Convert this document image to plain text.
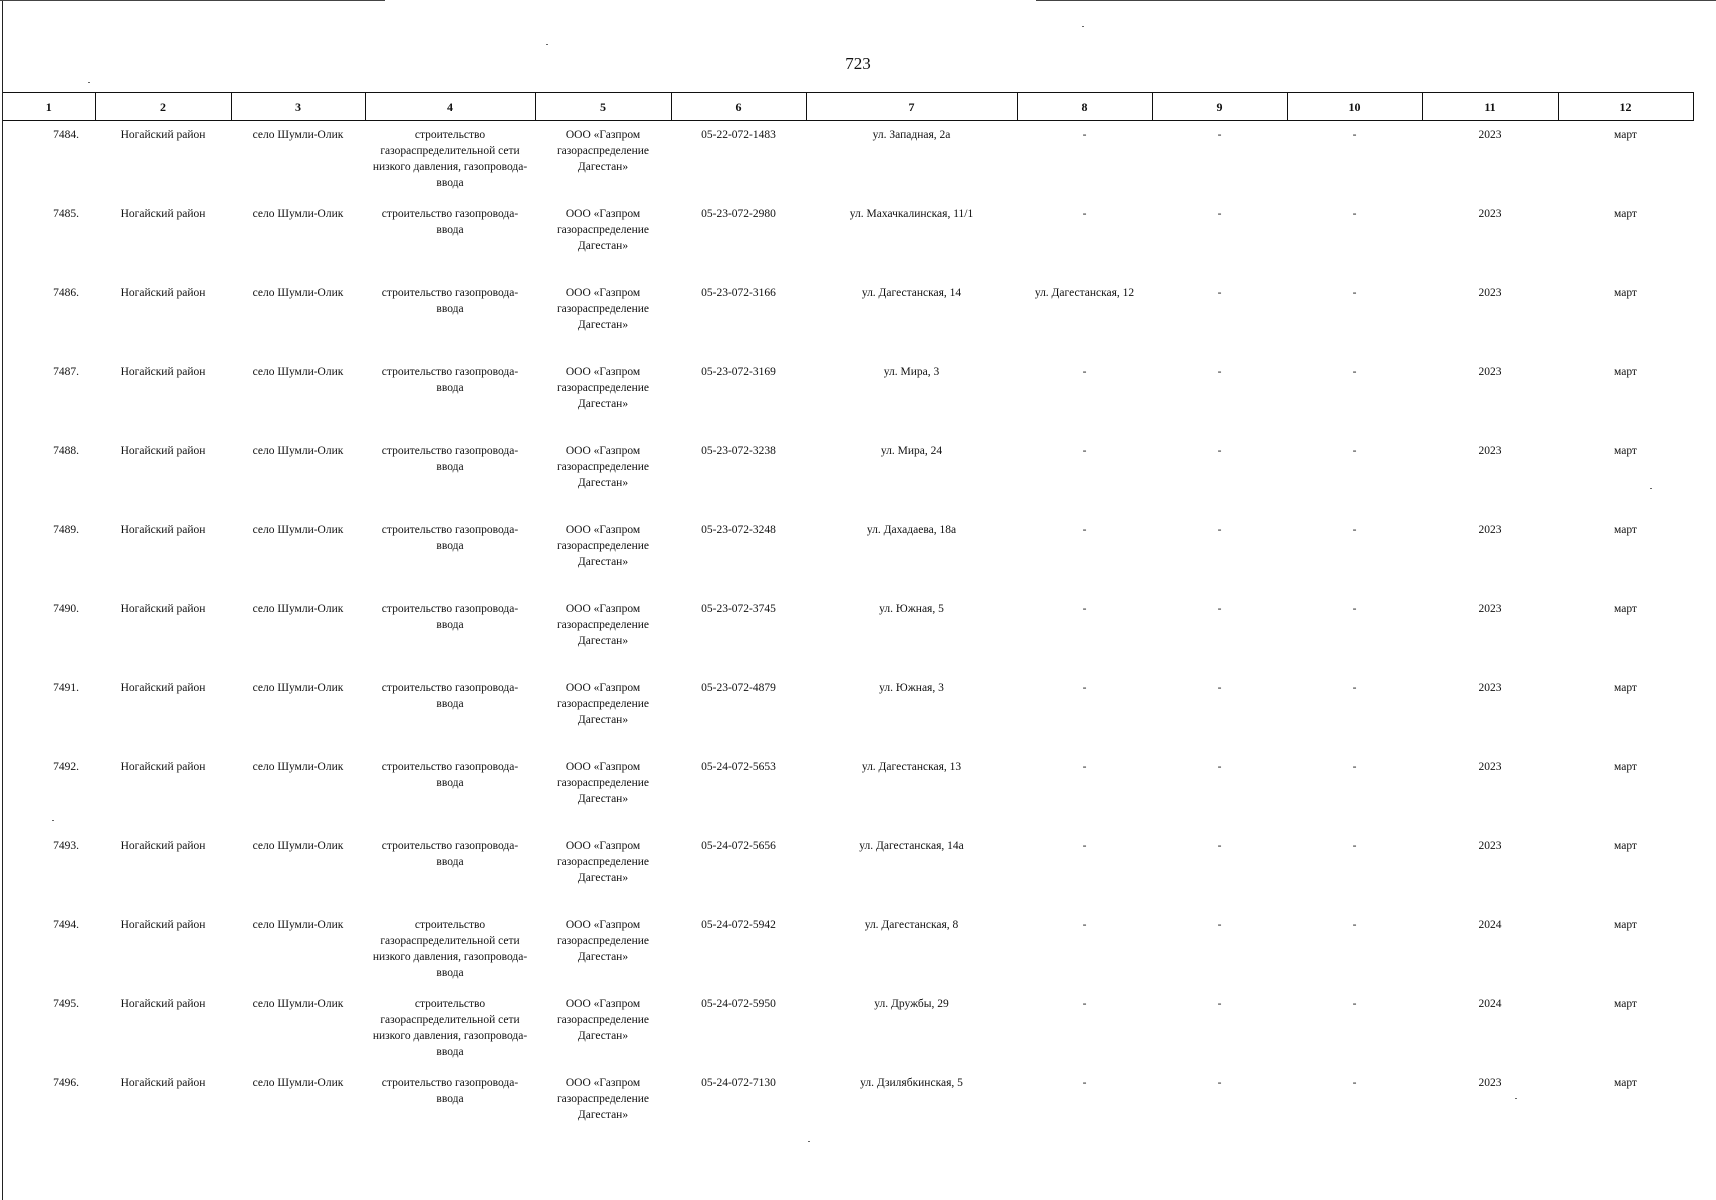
723
1	2	3	4	5	6	7	8	9	10	11	12
7484.	Ногайский район	село Шумли-Олик	строительство газораспределительной сети низкого давления, газопровода-ввода	ООО «Газпром газораспределение Дагестан»	05-22-072-1483	ул. Западная, 2а	-	-	-	2023	март
7485.	Ногайский район	село Шумли-Олик	строительство газопровода-ввода	ООО «Газпром газораспределение Дагестан»	05-23-072-2980	ул. Махачкалинская, 11/1	-	-	-	2023	март
7486.	Ногайский район	село Шумли-Олик	строительство газопровода-ввода	ООО «Газпром газораспределение Дагестан»	05-23-072-3166	ул. Дагестанская, 14	ул. Дагестанская, 12	-	-	2023	март
7487.	Ногайский район	село Шумли-Олик	строительство газопровода-ввода	ООО «Газпром газораспределение Дагестан»	05-23-072-3169	ул. Мира, 3	-	-	-	2023	март
7488.	Ногайский район	село Шумли-Олик	строительство газопровода-ввода	ООО «Газпром газораспределение Дагестан»	05-23-072-3238	ул. Мира, 24	-	-	-	2023	март
7489.	Ногайский район	село Шумли-Олик	строительство газопровода-ввода	ООО «Газпром газораспределение Дагестан»	05-23-072-3248	ул. Дахадаева, 18а	-	-	-	2023	март
7490.	Ногайский район	село Шумли-Олик	строительство газопровода-ввода	ООО «Газпром газораспределение Дагестан»	05-23-072-3745	ул. Южная, 5	-	-	-	2023	март
7491.	Ногайский район	село Шумли-Олик	строительство газопровода-ввода	ООО «Газпром газораспределение Дагестан»	05-23-072-4879	ул. Южная, 3	-	-	-	2023	март
7492.	Ногайский район	село Шумли-Олик	строительство газопровода-ввода	ООО «Газпром газораспределение Дагестан»	05-24-072-5653	ул. Дагестанская, 13	-	-	-	2023	март
7493.	Ногайский район	село Шумли-Олик	строительство газопровода-ввода	ООО «Газпром газораспределение Дагестан»	05-24-072-5656	ул. Дагестанская, 14а	-	-	-	2023	март
7494.	Ногайский район	село Шумли-Олик	строительство газораспределительной сети низкого давления, газопровода-ввода	ООО «Газпром газораспределение Дагестан»	05-24-072-5942	ул. Дагестанская, 8	-	-	-	2024	март
7495.	Ногайский район	село Шумли-Олик	строительство газораспределительной сети низкого давления, газопровода-ввода	ООО «Газпром газораспределение Дагестан»	05-24-072-5950	ул. Дружбы, 29	-	-	-	2024	март
7496.	Ногайский район	село Шумли-Олик	строительство газопровода-ввода	ООО «Газпром газораспределение Дагестан»	05-24-072-7130	ул. Дзилябкинская, 5	-	-	-	2023	март
